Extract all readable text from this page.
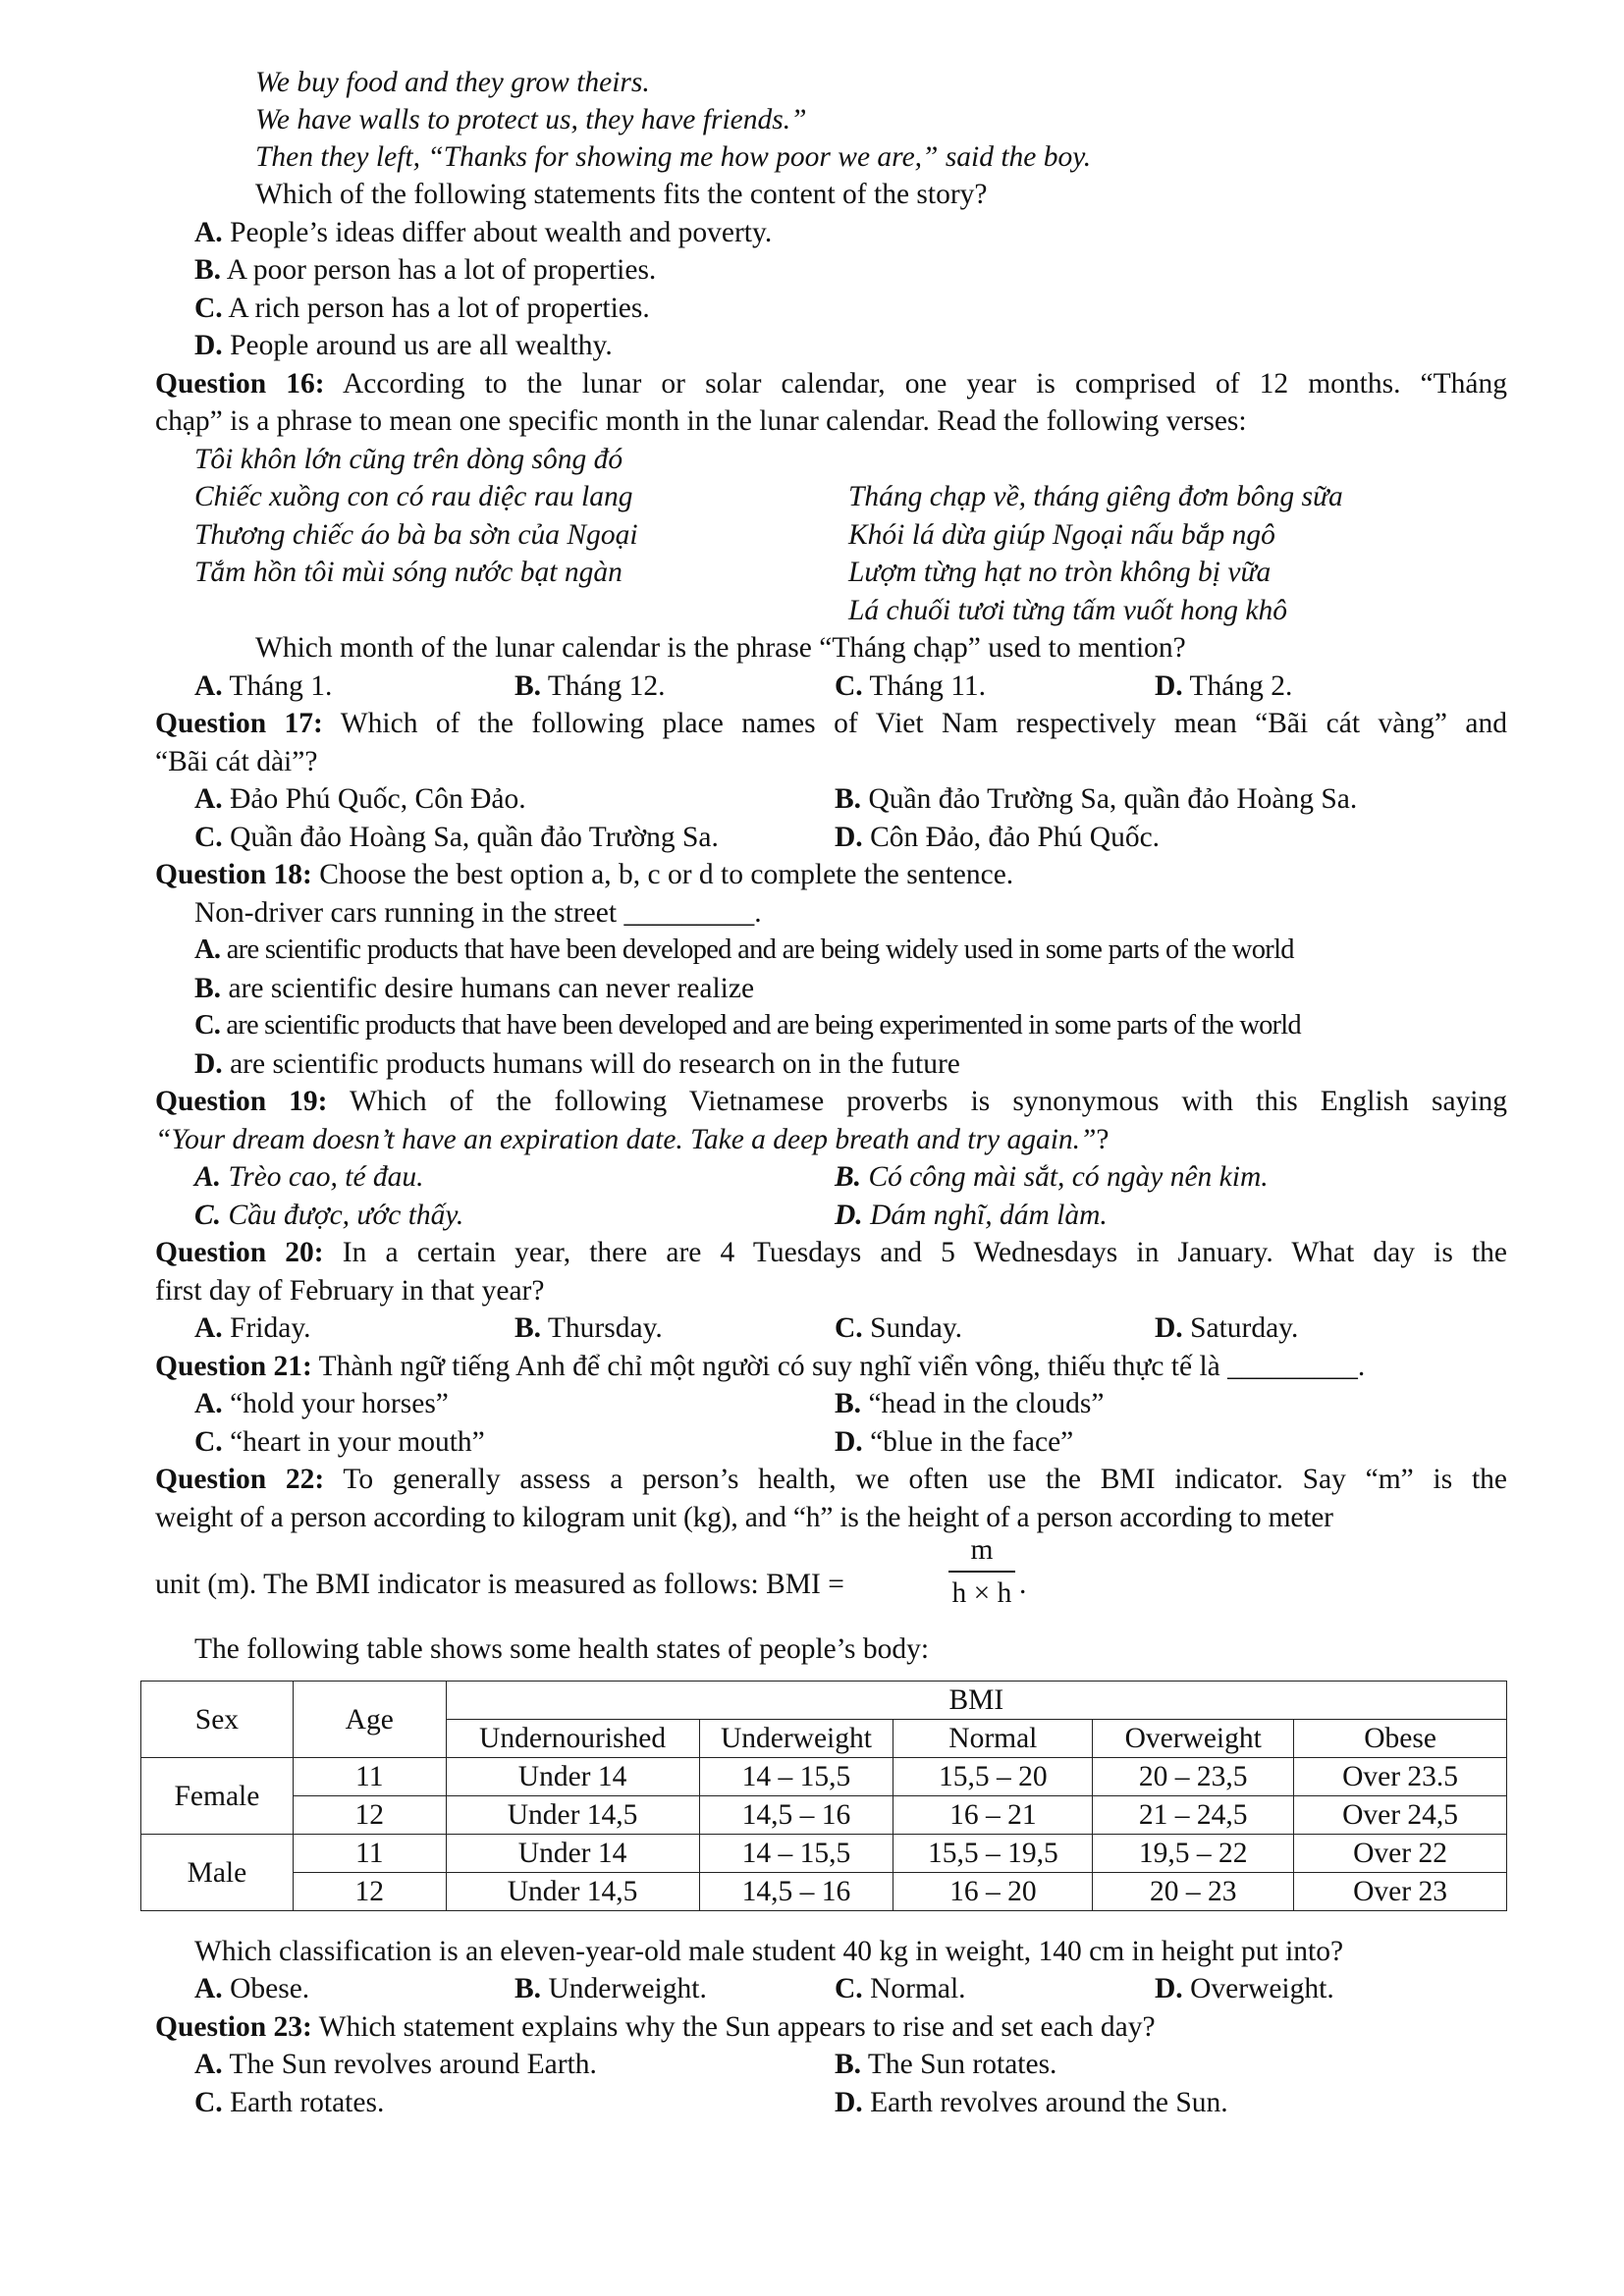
We buy food and they grow theirs.
We have walls to protect us, they have friends.”
Then they left, “Thanks for showing me how poor we are,” said the boy.
Which of the following statements fits the content of the story?
A. People’s ideas differ about wealth and poverty.
B. A poor person has a lot of properties.
C. A rich person has a lot of properties.
D. People around us are all wealthy.
Question 16: According to the lunar or solar calendar, one year is comprised of 12 months. “Tháng
chạp” is a phrase to mean one specific month in the lunar calendar. Read the following verses:
Tôi khôn lớn cũng trên dòng sông đó
Chiếc xuồng con có rau diệc rau lang
Thương chiếc áo bà ba sờn của Ngoại
Tắm hồn tôi mùi sóng nước bạt ngàn
Tháng chạp về, tháng giêng đơm bông sữa
Khói lá dừa giúp Ngoại nấu bắp ngô
Lượm từng hạt no tròn không bị vữa
Lá chuối tươi từng tấm vuốt hong khô
Which month of the lunar calendar is the phrase “Tháng chạp” used to mention?
A. Tháng 1.	B. Tháng 12.	C. Tháng 11.	D. Tháng 2.
Question 17: Which of the following place names of Viet Nam respectively mean “Bãi cát vàng” and
“Bãi cát dài”?
A. Đảo Phú Quốc, Côn Đảo.	B. Quần đảo Trường Sa, quần đảo Hoàng Sa.
C. Quần đảo Hoàng Sa, quần đảo Trường Sa.	D. Côn Đảo, đảo Phú Quốc.
Question 18: Choose the best option a, b, c or d to complete the sentence.
Non-driver cars running in the street _________.
A. are scientific products that have been developed and are being widely used in some parts of the world
B. are scientific desire humans can never realize
C. are scientific products that have been developed and are being experimented in some parts of the world
D. are scientific products humans will do research on in the future
Question 19: Which of the following Vietnamese proverbs is synonymous with this English saying
“Your dream doesn’t have an expiration date. Take a deep breath and try again.”?
A. Trèo cao, té đau.	B. Có công mài sắt, có ngày nên kim.
C. Cầu được, ước thấy.	D. Dám nghĩ, dám làm.
Question 20: In a certain year, there are 4 Tuesdays and 5 Wednesdays in January. What day is the
first day of February in that year?
A. Friday.	B. Thursday.	C. Sunday.	D. Saturday.
Question 21: Thành ngữ tiếng Anh để chỉ một người có suy nghĩ viển vông, thiếu thực tế là _________.
A. “hold your horses”	B. “head in the clouds”
C. “heart in your mouth”	D. “blue in the face”
Question 22: To generally assess a person’s health, we often use the BMI indicator. Say “m” is the
weight of a person according to kilogram unit (kg), and “h” is the height of a person according to meter
unit (m). The BMI indicator is measured as follows: BMI =
m
h × h .
The following table shows some health states of people’s body:
Sex	Age	BMI				
		Undernourished	Underweight	Normal	Overweight	Obese
Female	11	Under 14	14 – 15,5	15,5 – 20	20 – 23,5	Over 23.5
	12	Under 14,5	14,5 – 16	16 – 21	21 – 24,5	Over 24,5
Male	11	Under 14	14 – 15,5	15,5 – 19,5	19,5 – 22	Over 22
	12	Under 14,5	14,5 – 16	16 – 20	20 – 23	Over 23
Which classification is an eleven-year-old male student 40 kg in weight, 140 cm in height put into?
A. Obese.	B. Underweight.	C. Normal.	D. Overweight.
Question 23: Which statement explains why the Sun appears to rise and set each day?
A. The Sun revolves around Earth.	B. The Sun rotates.
C. Earth rotates.	D. Earth revolves around the Sun.
